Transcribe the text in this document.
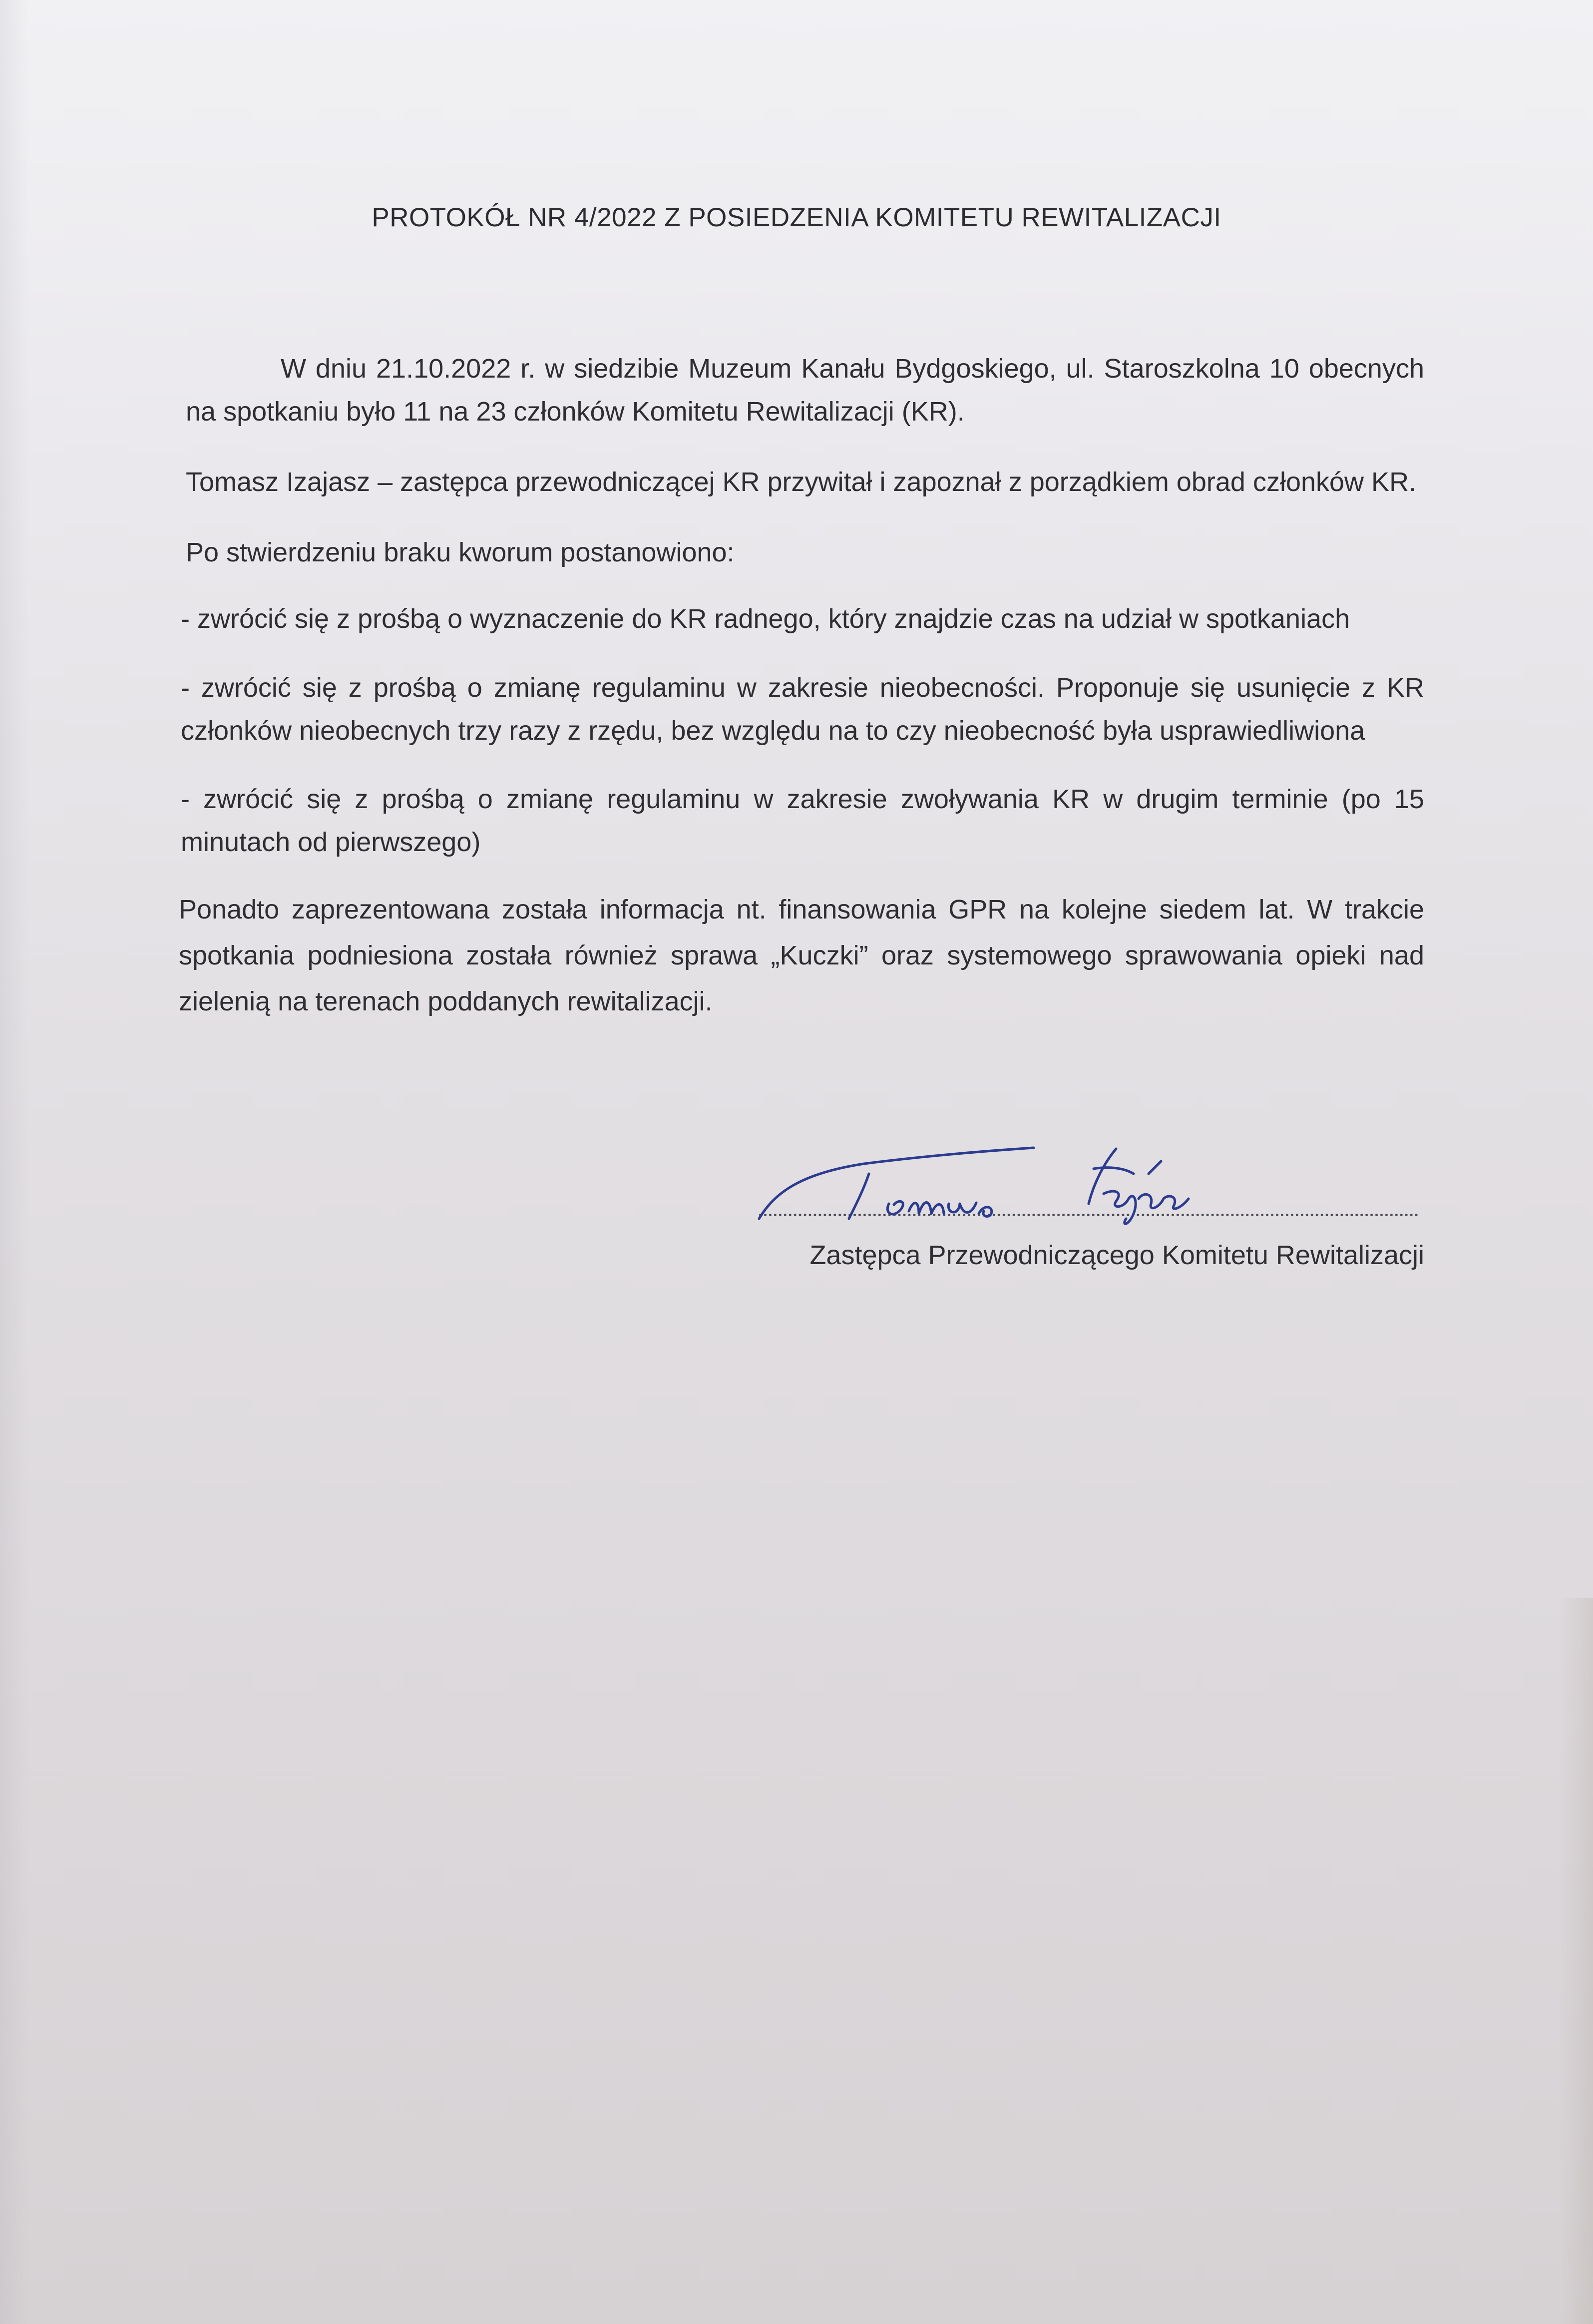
PROTOKÓŁ NR 4/2022 Z POSIEDZENIA KOMITETU REWITALIZACJI
W dniu 21.10.2022 r. w siedzibie Muzeum Kanału Bydgoskiego, ul. Staroszkolna 10 obecnych na spotkaniu było 11 na 23 członków Komitetu Rewitalizacji (KR).
Tomasz Izajasz – zastępca przewodniczącej KR przywitał i zapoznał z porządkiem obrad członków KR.
Po stwierdzeniu braku kworum postanowiono:
- zwrócić się z prośbą o wyznaczenie do KR radnego, który znajdzie czas na udział w spotkaniach
- zwrócić się z prośbą o zmianę regulaminu w zakresie nieobecności. Proponuje się usunięcie z KR członków nieobecnych trzy razy z rzędu, bez względu na to czy nieobecność była usprawiedliwiona
- zwrócić się z prośbą o zmianę regulaminu w zakresie zwoływania KR w drugim terminie (po 15 minutach od pierwszego)
Ponadto zaprezentowana została informacja nt. finansowania GPR na kolejne siedem lat. W trakcie spotkania podniesiona została również sprawa „Kuczki” oraz systemowego sprawowania opieki nad zielenią na terenach poddanych rewitalizacji.
Zastępca Przewodniczącego Komitetu Rewitalizacji
